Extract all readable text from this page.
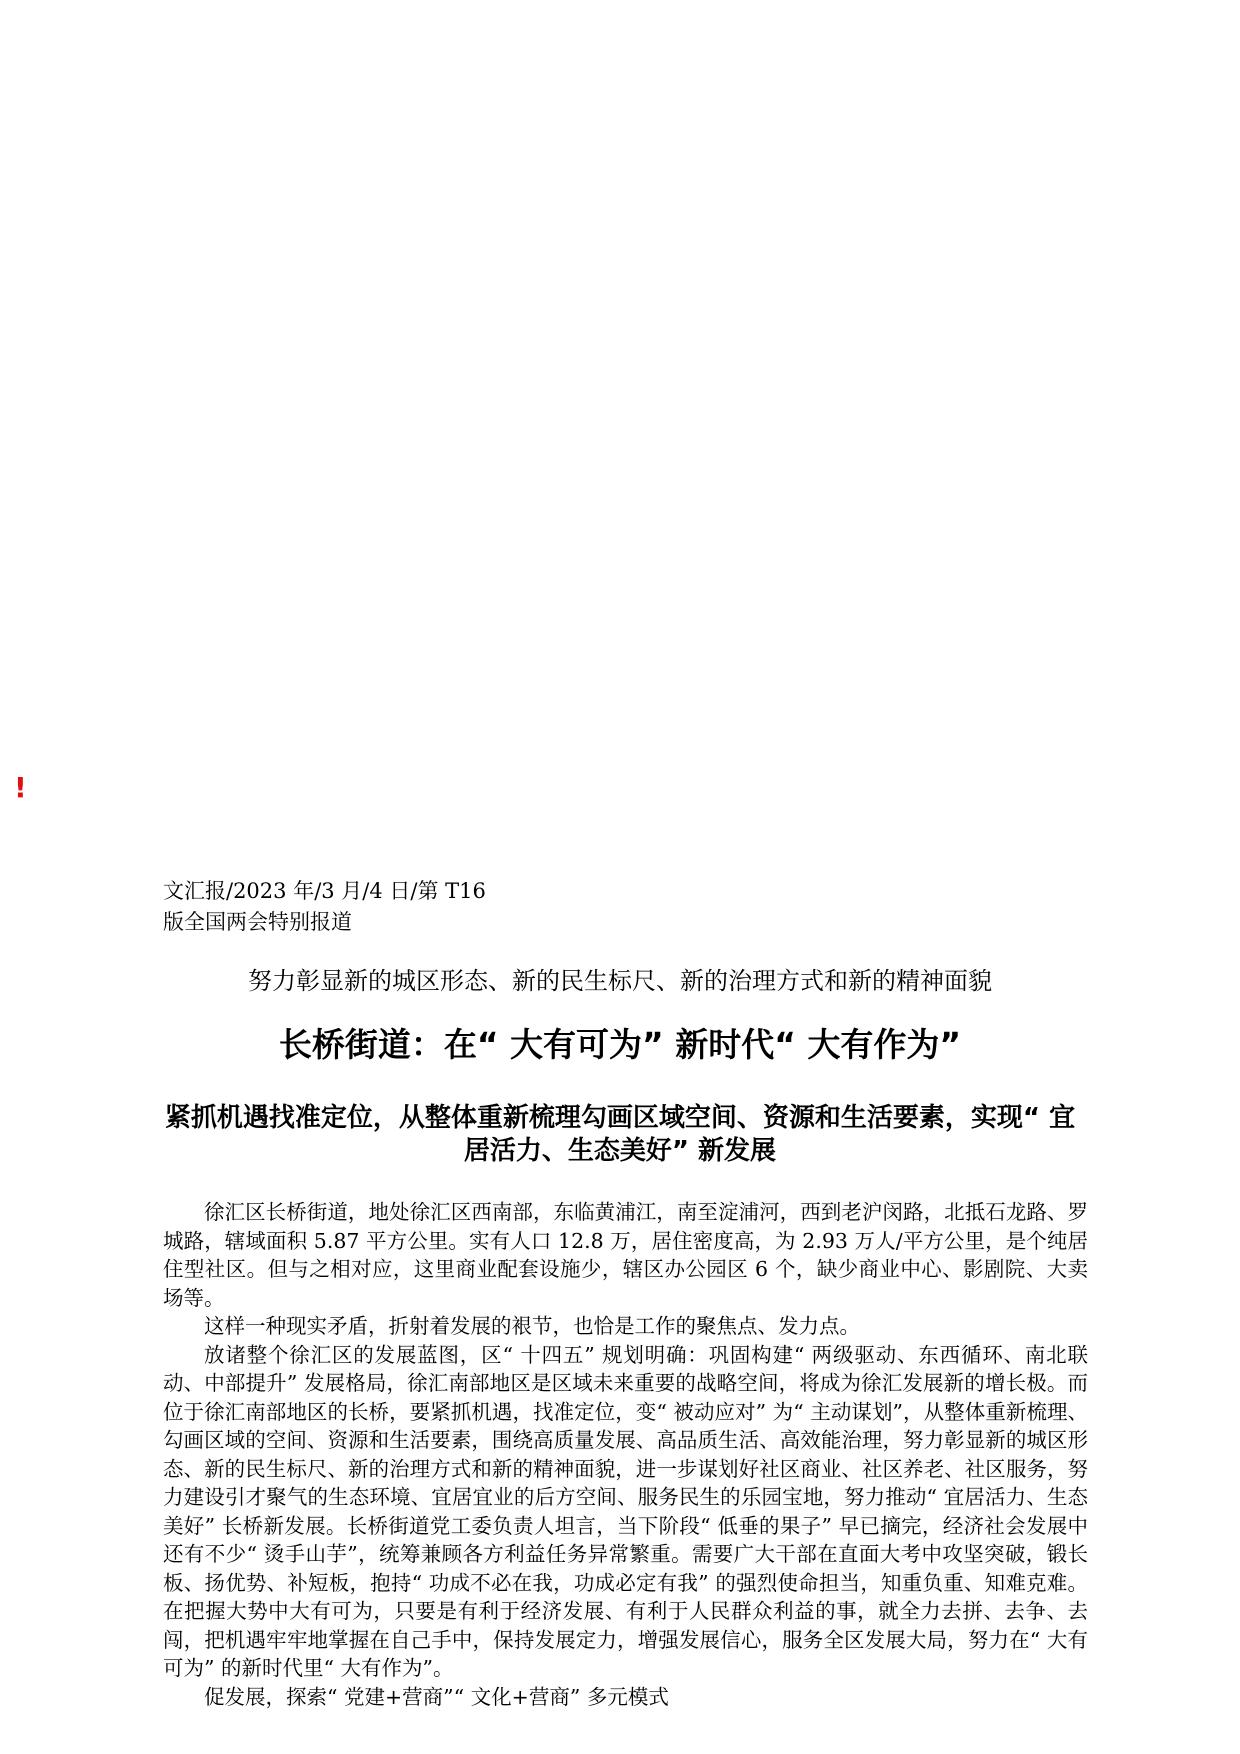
!
文汇报/2023 年/3 月/4 日/第 T16
版全国两会特别报道
努力彰显新的城区形态、新的民生标尺、新的治理方式和新的精神面貌
长桥街道：在“ 大有可为” 新时代“ 大有作为”
紧抓机遇找准定位，从整体重新梳理勾画区域空间、资源和生活要素，实现“ 宜居活力、生态美好” 新发展

徐汇区长桥街道，地处徐汇区西南部，东临黄浦江，南至淀浦河，西到老沪闵路，北抵石龙路、罗城路，辖域面积 5.87 平方公里。实有人口 12.8 万，居住密度高，为 2.93 万人/平方公里，是个纯居住型社区。但与之相对应，这里商业配套设施少，辖区办公园区 6 个，缺少商业中心、影剧院、大卖场等。

这样一种现实矛盾，折射着发展的裉节，也恰是工作的聚焦点、发力点。

放诸整个徐汇区的发展蓝图，区“ 十四五” 规划明确：巩固构建“ 两级驱动、东西循环、南北联动、中部提升” 发展格局，徐汇南部地区是区域未来重要的战略空间，将成为徐汇发展新的增长极。而位于徐汇南部地区的长桥，要紧抓机遇，找准定位，变“ 被动应对” 为“ 主动谋划”，从整体重新梳理、勾画区域的空间、资源和生活要素，围绕高质量发展、高品质生活、高效能治理，努力彰显新的城区形态、新的民生标尺、新的治理方式和新的精神面貌，进一步谋划好社区商业、社区养老、社区服务，努力建设引才聚气的生态环境、宜居宜业的后方空间、服务民生的乐园宝地，努力推动“ 宜居活力、生态美好” 长桥新发展。长桥街道党工委负责人坦言，当下阶段“ 低垂的果子” 早已摘完，经济社会发展中还有不少“ 烫手山芋”，统筹兼顾各方利益任务异常繁重。需要广大干部在直面大考中攻坚突破，锻长板、扬优势、补短板，抱持“ 功成不必在我，功成必定有我” 的强烈使命担当，知重负重、知难克难。在把握大势中大有可为，只要是有利于经济发展、有利于人民群众利益的事，就全力去拼、去争、去闯，把机遇牢牢地掌握在自己手中，保持发展定力，增强发展信心，服务全区发展大局，努力在“ 大有可为” 的新时代里“ 大有作为”。

促发展，探索“ 党建+营商”“ 文化+营商” 多元模式
